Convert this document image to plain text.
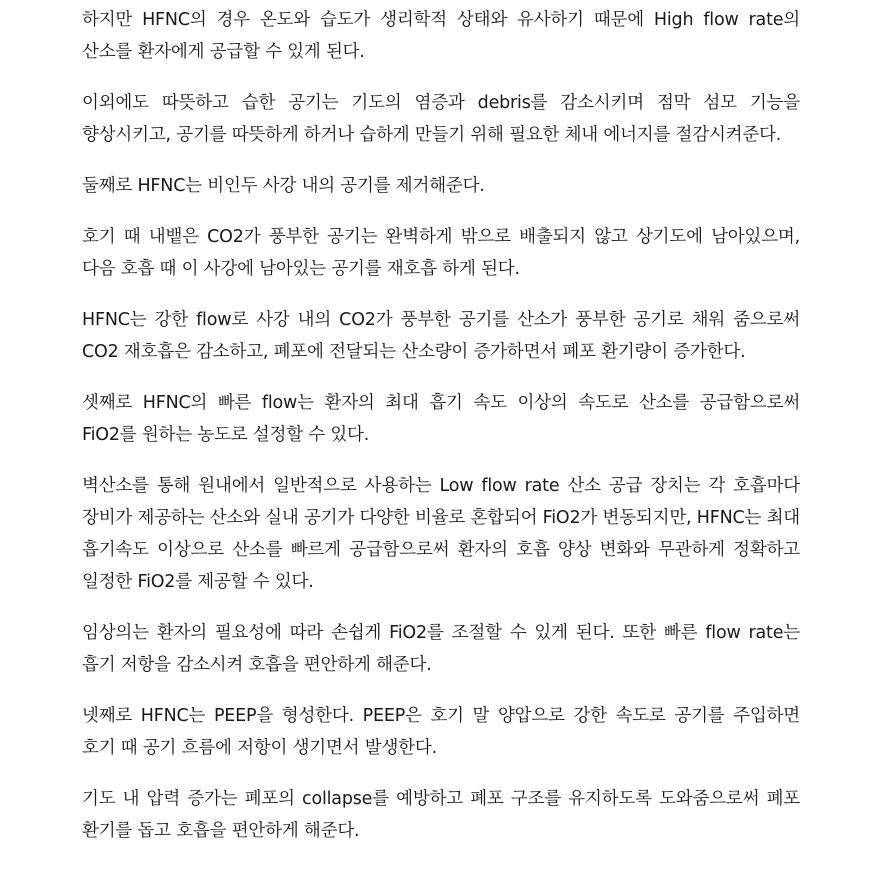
하지만 HFNC의 경우 온도와 습도가 생리학적 상태와 유사하기 때문에 High flow rate의 산소를 환자에게 공급할 수 있게 된다.

이외에도 따뜻하고 습한 공기는 기도의 염증과 debris를 감소시키며 점막 섬모 기능을 향상시키고, 공기를 따뜻하게 하거나 습하게 만들기 위해 필요한 체내 에너지를 절감시켜준다.

둘째로 HFNC는 비인두 사강 내의 공기를 제거해준다.

호기 때 내뱉은 CO2가 풍부한 공기는 완벽하게 밖으로 배출되지 않고 상기도에 남아있으며, 다음 호흡 때 이 사강에 남아있는 공기를 재호흡 하게 된다.

HFNC는 강한 flow로 사강 내의 CO2가 풍부한 공기를 산소가 풍부한 공기로 채워 줌으로써 CO2 재호흡은 감소하고, 폐포에 전달되는 산소량이 증가하면서 폐포 환기량이 증가한다.

셋째로 HFNC의 빠른 flow는 환자의 최대 흡기 속도 이상의 속도로 산소를 공급함으로써 FiO2를 원하는 농도로 설정할 수 있다.

벽산소를 통해 원내에서 일반적으로 사용하는 Low flow rate 산소 공급 장치는 각 호흡마다 장비가 제공하는 산소와 실내 공기가 다양한 비율로 혼합되어 FiO2가 변동되지만, HFNC는 최대 흡기속도 이상으로 산소를 빠르게 공급함으로써 환자의 호흡 양상 변화와 무관하게 정확하고 일정한 FiO2를 제공할 수 있다.

임상의는 환자의 필요성에 따라 손쉽게 FiO2를 조절할 수 있게 된다. 또한 빠른 flow rate는 흡기 저항을 감소시켜 호흡을 편안하게 해준다.

넷째로 HFNC는 PEEP을 형성한다. PEEP은 호기 말 양압으로 강한 속도로 공기를 주입하면 호기 때 공기 흐름에 저항이 생기면서 발생한다.

기도 내 압력 증가는 폐포의 collapse를 예방하고 폐포 구조를 유지하도록 도와줌으로써 폐포 환기를 돕고 호흡을 편안하게 해준다.
